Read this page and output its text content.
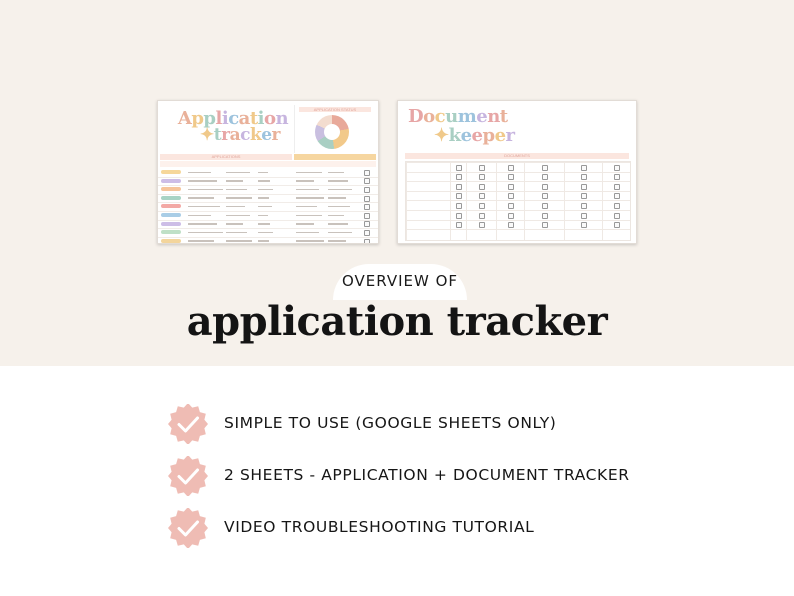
Application
✦tracker
APPLICATION STATUS
APPLICATIONS
Document
✦keeper
DOCUMENTS
OVERVIEW OF
application tracker
SIMPLE TO USE (GOOGLE SHEETS ONLY)
2 SHEETS - APPLICATION + DOCUMENT TRACKER
VIDEO TROUBLESHOOTING TUTORIAL
